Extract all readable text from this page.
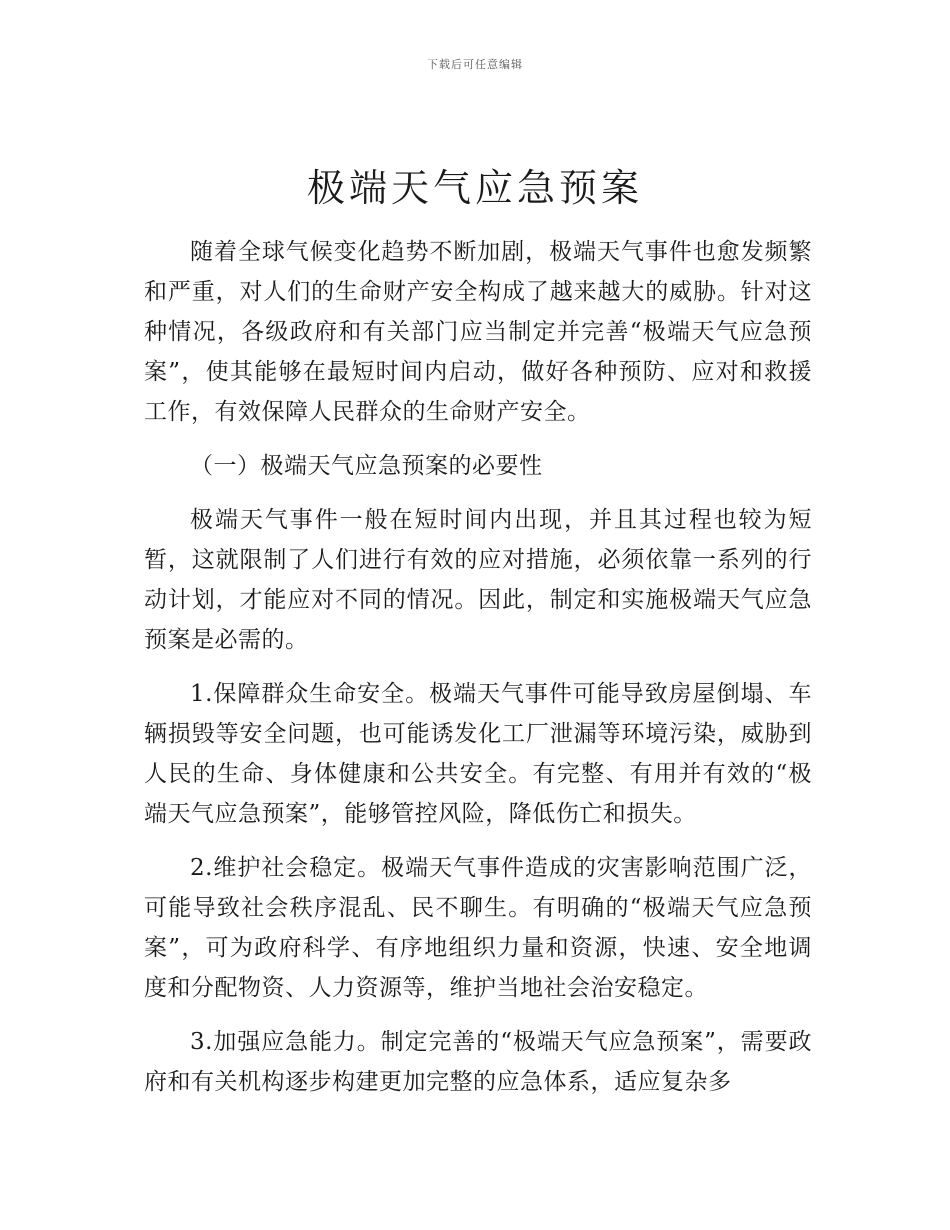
下载后可任意编辑
极端天气应急预案

随着全球气候变化趋势不断加剧，极端天气事件也愈发频繁和严重，对人们的生命财产安全构成了越来越大的威胁。针对这种情况，各级政府和有关部门应当制定并完善“极端天气应急预案”，使其能够在最短时间内启动，做好各种预防、应对和救援工作，有效保障人民群众的生命财产安全。

（一）极端天气应急预案的必要性

极端天气事件一般在短时间内出现，并且其过程也较为短暂，这就限制了人们进行有效的应对措施，必须依靠一系列的行动计划，才能应对不同的情况。因此，制定和实施极端天气应急预案是必需的。

1.保障群众生命安全。极端天气事件可能导致房屋倒塌、车辆损毁等安全问题，也可能诱发化工厂泄漏等环境污染，威胁到人民的生命、身体健康和公共安全。有完整、有用并有效的“极端天气应急预案”，能够管控风险，降低伤亡和损失。

2.维护社会稳定。极端天气事件造成的灾害影响范围广泛，可能导致社会秩序混乱、民不聊生。有明确的“极端天气应急预案”，可为政府科学、有序地组织力量和资源，快速、安全地调度和分配物资、人力资源等，维护当地社会治安稳定。

3.加强应急能力。制定完善的“极端天气应急预案”，需要政府和有关机构逐步构建更加完整的应急体系，适应复杂多
